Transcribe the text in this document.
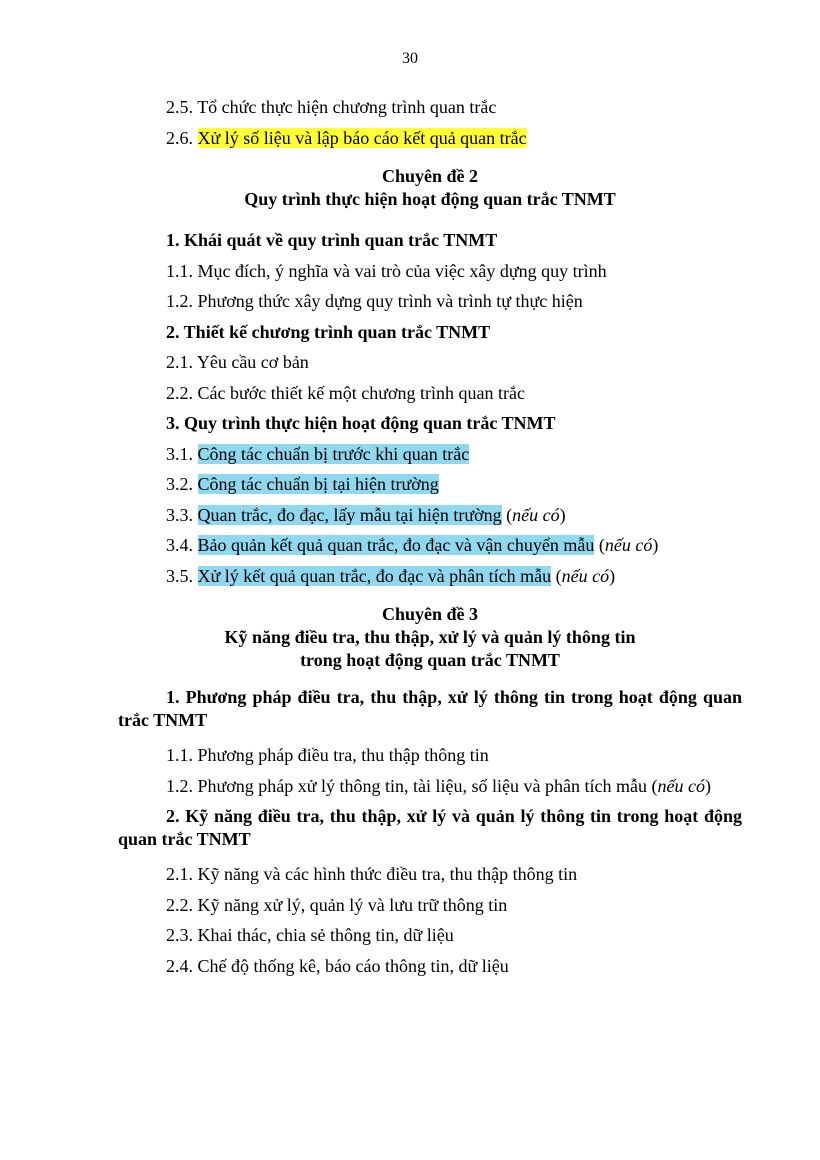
30

2.5. Tổ chức thực hiện chương trình quan trắc

2.6. Xử lý số liệu và lập báo cáo kết quả quan trắc

Chuyên đề 2

Quy trình thực hiện hoạt động quan trắc TNMT

1. Khái quát về quy trình quan trắc TNMT

1.1. Mục đích, ý nghĩa và vai trò của việc xây dựng quy trình

1.2. Phương thức xây dựng quy trình và trình tự thực hiện

2. Thiết kế chương trình quan trắc TNMT

2.1. Yêu cầu cơ bản

2.2. Các bước thiết kế một chương trình quan trắc

3. Quy trình thực hiện hoạt động quan trắc TNMT

3.1. Công tác chuẩn bị trước khi quan trắc

3.2. Công tác chuẩn bị tại hiện trường

3.3. Quan trắc, đo đạc, lấy mẫu tại hiện trường (nếu có)

3.4. Bảo quản kết quả quan trắc, đo đạc và vận chuyển mẫu (nếu có)

3.5. Xử lý kết quả quan trắc, đo đạc và phân tích mẫu (nếu có)

Chuyên đề 3

Kỹ năng điều tra, thu thập, xử lý và quản lý thông tin

trong hoạt động quan trắc TNMT

1. Phương pháp điều tra, thu thập, xử lý thông tin trong hoạt động quan trắc TNMT

1.1. Phương pháp điều tra, thu thập thông tin

1.2. Phương pháp xử lý thông tin, tài liệu, số liệu và phân tích mẫu (nếu có)

2. Kỹ năng điều tra, thu thập, xử lý và quản lý thông tin trong hoạt động quan trắc TNMT

2.1. Kỹ năng và các hình thức điều tra, thu thập thông tin

2.2. Kỹ năng xử lý, quản lý và lưu trữ thông tin

2.3. Khai thác, chia sẻ thông tin, dữ liệu

2.4. Chế độ thống kê, báo cáo thông tin, dữ liệu
